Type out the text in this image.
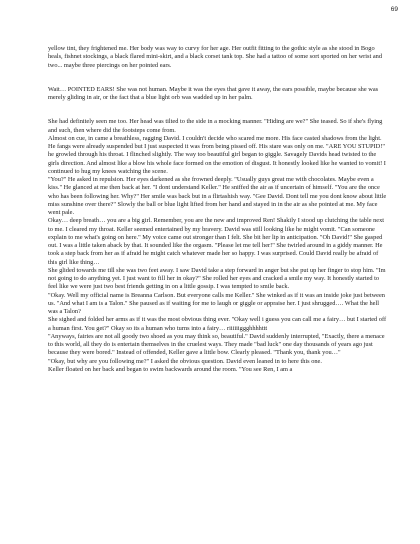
69

yellow tint, they frightened me. Her body was way to curvy for her age. Her outfit fitting to the gothic style as she stood in Bogo heals, fishnet stockings, a black flared mini-skirt, and a black corset tank top. She had a tattoo of some sort sported on her wrist and two... maybe three piercings on her pointed ears.

Wait… POINTED EARS! She was not human. Maybe it was the eyes that gave it away, the ears possible, maybe because she was merely gliding in air, or the fact that a blue light orb was wadded up in her palm.

She had definitely seen me too. Her head was tilted to the side in a mocking manner. "Hiding are we?" She teased. So if she's flying and such, then where did the footsteps come from.

Almost on cue, in came a breathless, ragging David. I couldn't decide who scared me more. His face casted shadows from the light. He fangs were already suspended but I just suspected it was from being pissed off. His stare was only on me. "ARE YOU STUPID!" he growled through his throat. I flinched slightly. The way too beautiful girl began to giggle. Savagely Davids head twisted to the girls direction. And almost like a blow his whole face formed on the emotion of disgust. It honestly looked like he wanted to vomit! I continued to hug my knees watching the scene.

"You?" He asked in repulsion. Her eyes darkened as she frowned deeply. "Usually guys great me with chocolates. Maybe even a kiss." He glanced at me then back at her. "I dont understand Keller." He sniffed the air as if uncertain of himself. "You are the once who has been following her. Why?" Her smile was back but in a flirtashish way. "Gee David. Dont tell me you dont know about little miss sunshine over there?" Slowly the ball or blue light lifted from her hand and stayed in in the air as she pointed at me. My face went pale.

Okay… deep breath… you are a big girl. Remember, you are the new and improved Ren! Shakily I stood up clutching the table next to me. I cleared my throat. Keller seemed entertained by my bravery. David was still looking like he might vomit. "Can someone explain to me what's going on here." My voice came out stronger than I felt. She bit her lip in anticipation. "Oh David!" She gasped out. I was a little taken aback by that. It sounded like the orgasm. "Please let me tell her!" She twirled around in a giddy manner. He took a step back from her as if afraid he might catch whatever made her so happy. I was surprised. Could David really be afraid of this girl like thing…

She glided towards me till she was two feet away. I saw David take a step forward in anger but she put up her finger to stop him. "Im not going to do anything yet. I just want to fill her in okay?" She rolled her eyes and cracked a smile my way. It honestly started to feel like we were just two best friends getting in on a little gossip. I was tempted to smile back.

"Okay. Well my official name is Breanna Carlson. But everyone calls me Keller." She winked as if it was an inside joke just between us. "And what I am is a Talon." She paused as if waiting for me to laugh or giggle or appraise her. I just shrugged…. What the hell was a Talon?

She sighed and folded her arms as if it was the most obvious thing ever. "Okay well i guess you can call me a fairy… but I started off a human first. You get?" Okay so its a human who turns into a fairy… riiiiiiggghhhhttt

"Anyways, fairies are not all goody two shoed as you may think so, beautiful." David suddenly interrupted, "Exactly, there a menace to this world, all they do is entertain themselves in the cruelest ways. They made "bad luck" one day thousands of years ago just because they were bored." Instead of offended, Keller gave a little bow. Clearly pleased. "Thank you, thank you…"

"Okay, but why are you following me?" I asked the obvious question. David even leaned in to here this one.

Keller floated on her back and began to swim backwards around the room. "You see Ren, I am a
